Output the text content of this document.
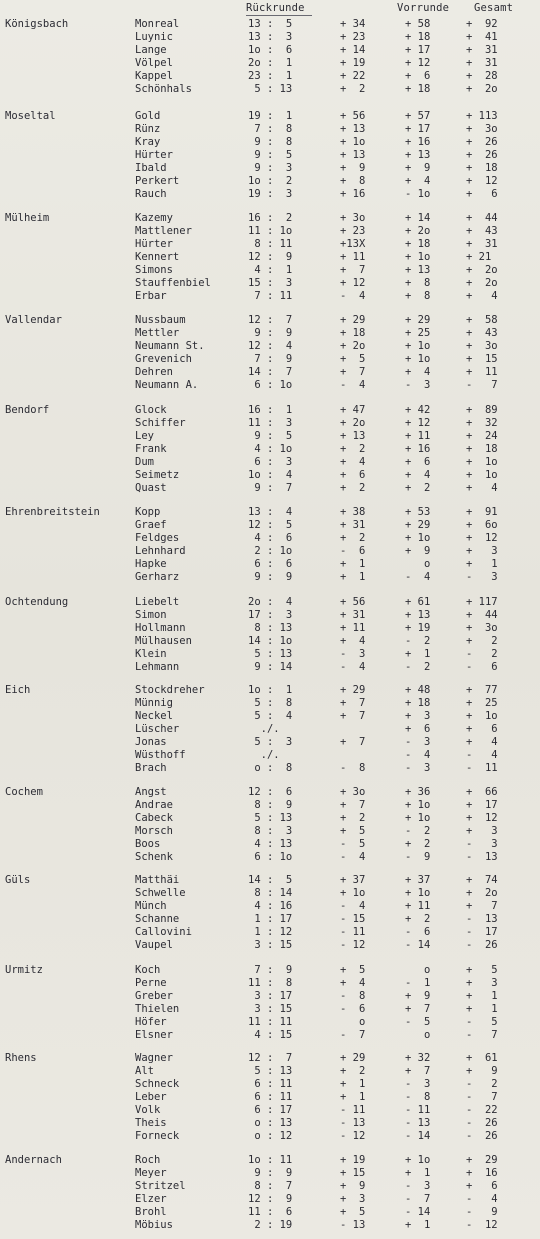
Rückrunde	Vorrunde Gesamt
Königsbach	Monreal	13 :  5	+ 34	+ 58	+  92
Luynic	13 :  3	+ 23	+ 18	+  41
Lange	1o :  6	+ 14	+ 17	+  31
Völpel	2o :  1	+ 19	+ 12	+  31
Kappel	23 :  1	+ 22	+  6	+  28
Schönhals	5 : 13	+  2	+ 18	+  2o
Moseltal	Gold	19 :  1	+ 56	+ 57	+ 113
Rünz	7 :  8	+ 13	+ 17	+  3o
Kray	9 :  8	+ 1o	+ 16	+  26
Hürter	9 :  5	+ 13	+ 13	+  26
Ibald	9 :  3	+  9	+  9	+  18
Perkert	1o :  2	+  8	+  4	+  12
Rauch	19 :  3	+ 16	- 1o	+   6
Mülheim	Kazemy	16 :  2	+ 3o	+ 14	+  44
Mattlener	11 : 1o	+ 23	+ 2o	+  43
Hürter	8 : 11	+13X	+ 18	+  31
Kennert	12 :  9	+ 11	+ 1o	+ 21
Simons	4 :  1	+  7	+ 13	+  2o
Stauffenbiel	15 :  3	+ 12	+  8	+  2o
Erbar	7 : 11	-  4	+  8	+   4
Vallendar	Nussbaum	12 :  7	+ 29	+ 29	+  58
Mettler	9 :  9	+ 18	+ 25	+  43
Neumann St.	12 :  4	+ 2o	+ 1o	+  3o
Grevenich	7 :  9	+  5	+ 1o	+  15
Dehren	14 :  7	+  7	+  4	+  11
Neumann A.	6 : 1o	-  4	-  3	-   7
Bendorf	Glock	16 :  1	+ 47	+ 42	+  89
Schiffer	11 :  3	+ 2o	+ 12	+  32
Ley	9 :  5	+ 13	+ 11	+  24
Frank	4 : 1o	+  2	+ 16	+  18
Dum	6 :  3	+  4	+  6	+  1o
Seimetz	1o :  4	+  6	+  4	+  1o
Quast	9 :  7	+  2	+  2	+   4
Ehrenbreitstein	Kopp	13 :  4	+ 38	+ 53	+  91
Graef	12 :  5	+ 31	+ 29	+  6o
Feldges	4 :  6	+  2	+ 1o	+  12
Lehnhard	2 : 1o	-  6	+  9	+   3
Hapke	6 :  6	+  1	o	+   1
Gerharz	9 :  9	+  1	-  4	-   3
Ochtendung	Liebelt	2o :  4	+ 56	+ 61	+ 117
Simon	17 :  3	+ 31	+ 13	+  44
Hollmann	8 : 13	+ 11	+ 19	+  3o
Mülhausen	14 : 1o	+  4	-  2	+   2
Klein	5 : 13	-  3	+  1	-   2
Lehmann	9 : 14	-  4	-  2	-   6
Eich	Stockdreher	1o :  1	+ 29	+ 48	+  77
Münnig	5 :  8	+  7	+ 18	+  25
Neckel	5 :  4	+  7	+  3	+  1o
Lüscher	./.	+  6	+   6
Jonas	5 :  3	+  7	-  3	+   4
Wüsthoff	./.	-  4	-   4
Brach	o :  8	-  8	-  3	-  11
Cochem	Angst	12 :  6	+ 3o	+ 36	+  66
Andrae	8 :  9	+  7	+ 1o	+  17
Cabeck	5 : 13	+  2	+ 1o	+  12
Morsch	8 :  3	+  5	-  2	+   3
Boos	4 : 13	-  5	+  2	-   3
Schenk	6 : 1o	-  4	-  9	-  13
Güls	Matthäi	14 :  5	+ 37	+ 37	+  74
Schwelle	8 : 14	+ 1o	+ 1o	+  2o
Münch	4 : 16	-  4	+ 11	+   7
Schanne	1 : 17	- 15	+  2	-  13
Callovini	1 : 12	- 11	-  6	-  17
Vaupel	3 : 15	- 12	- 14	-  26
Urmitz	Koch	7 :  9	+  5	o	+   5
Perne	11 :  8	+  4	-  1	+   3
Greber	3 : 17	-  8	+  9	+   1
Thielen	3 : 15	-  6	+  7	+   1
Höfer	11 : 11	o	-  5	-   5
Elsner	4 : 15	-  7	o	-   7
Rhens	Wagner	12 :  7	+ 29	+ 32	+  61
Alt	5 : 13	+  2	+  7	+   9
Schneck	6 : 11	+  1	-  3	-   2
Leber	6 : 11	+  1	-  8	-   7
Volk	6 : 17	- 11	- 11	-  22
Theis	o : 13	- 13	- 13	-  26
Forneck	o : 12	- 12	- 14	-  26
Andernach	Roch	1o : 11	+ 19	+ 1o	+  29
Meyer	9 :  9	+ 15	+  1	+  16
Stritzel	8 :  7	+  9	-  3	+   6
Elzer	12 :  9	+  3	-  7	-   4
Brohl	11 :  6	+  5	- 14	-   9
Möbius	2 : 19	- 13	+  1	-  12
